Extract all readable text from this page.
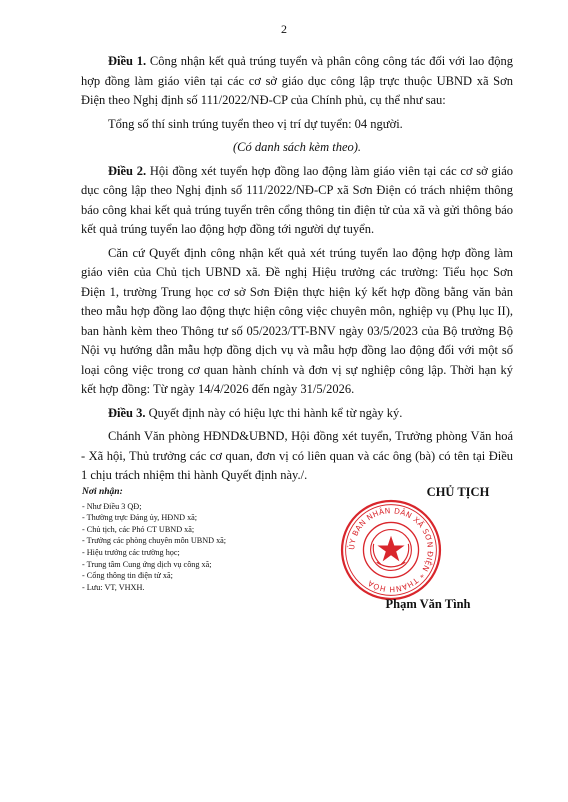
2

Điều 1. Công nhận kết quả trúng tuyển và phân công công tác đối với lao động hợp đồng làm giáo viên tại các cơ sở giáo dục công lập trực thuộc UBND xã Sơn Điện theo Nghị định số 111/2022/NĐ-CP của Chính phủ, cụ thể như sau:

Tổng số thí sinh trúng tuyển theo vị trí dự tuyển: 04 người.

(Có danh sách kèm theo).

Điều 2. Hội đồng xét tuyển hợp đồng lao động làm giáo viên tại các cơ sở giáo dục công lập theo Nghị định số 111/2022/NĐ-CP xã Sơn Điện có trách nhiệm thông báo công khai kết quả trúng tuyển trên cổng thông tin điện tử của xã và gửi thông báo kết quả trúng tuyển lao động hợp đồng tới người dự tuyển.

Căn cứ Quyết định công nhận kết quả xét trúng tuyển lao động hợp đồng làm giáo viên của Chủ tịch UBND xã. Đề nghị Hiệu trưởng các trường: Tiểu học Sơn Điện 1, trường Trung học cơ sở Sơn Điện thực hiện ký kết hợp đồng bằng văn bản theo mẫu hợp đồng lao động thực hiện công việc chuyên môn, nghiệp vụ (Phụ lục II), ban hành kèm theo Thông tư số 05/2023/TT-BNV ngày 03/5/2023 của Bộ trưởng Bộ Nội vụ hướng dẫn mẫu hợp đồng dịch vụ và mẫu hợp đồng lao động đối với một số loại công việc trong cơ quan hành chính và đơn vị sự nghiệp công lập. Thời hạn ký kết hợp đồng: Từ ngày 14/4/2026 đến ngày 31/5/2026.

Điều 3. Quyết định này có hiệu lực thi hành kể từ ngày ký.

Chánh Văn phòng HĐND&UBND, Hội đồng xét tuyển, Trưởng phòng Văn hoá - Xã hội, Thủ trưởng các cơ quan, đơn vị có liên quan và các ông (bà) có tên tại Điều 1 chịu trách nhiệm thi hành Quyết định này./.

Nơi nhận:
- Như Điều 3 QĐ;
- Thường trực Đảng ủy, HĐND xã;
- Chủ tịch, các Phó CT UBND xã;
- Trưởng các phòng chuyên môn UBND xã;
- Hiệu trưởng các trường học;
- Trung tâm Cung ứng dịch vụ công xã;
- Cổng thông tin điện tử xã;
- Lưu: VT, VHXH.
CHỦ TỊCH
ỦY BAN NHÂN DÂN XÃ SƠN ĐIỆN * THANH HÓA
Phạm Văn Tình
